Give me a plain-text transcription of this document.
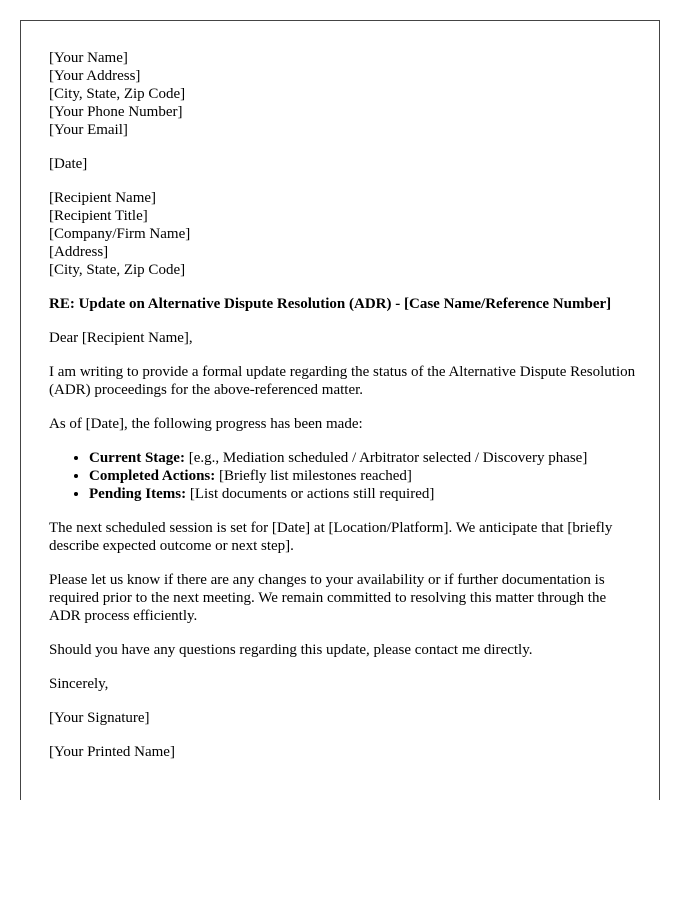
[Your Name]
[Your Address]
[City, State, Zip Code]
[Your Phone Number]
[Your Email]
[Date]
[Recipient Name]
[Recipient Title]
[Company/Firm Name]
[Address]
[City, State, Zip Code]
RE: Update on Alternative Dispute Resolution (ADR) - [Case Name/Reference Number]

Dear [Recipient Name],

I am writing to provide a formal update regarding the status of the Alternative Dispute Resolution (ADR) proceedings for the above-referenced matter.

As of [Date], the following progress has been made:

• Current Stage: [e.g., Mediation scheduled / Arbitrator selected / Discovery phase]
• Completed Actions: [Briefly list milestones reached]
• Pending Items: [List documents or actions still required]

The next scheduled session is set for [Date] at [Location/Platform]. We anticipate that [briefly describe expected outcome or next step].

Please let us know if there are any changes to your availability or if further documentation is required prior to the next meeting. We remain committed to resolving this matter through the ADR process efficiently.

Should you have any questions regarding this update, please contact me directly.

Sincerely,

[Your Signature]

[Your Printed Name]
